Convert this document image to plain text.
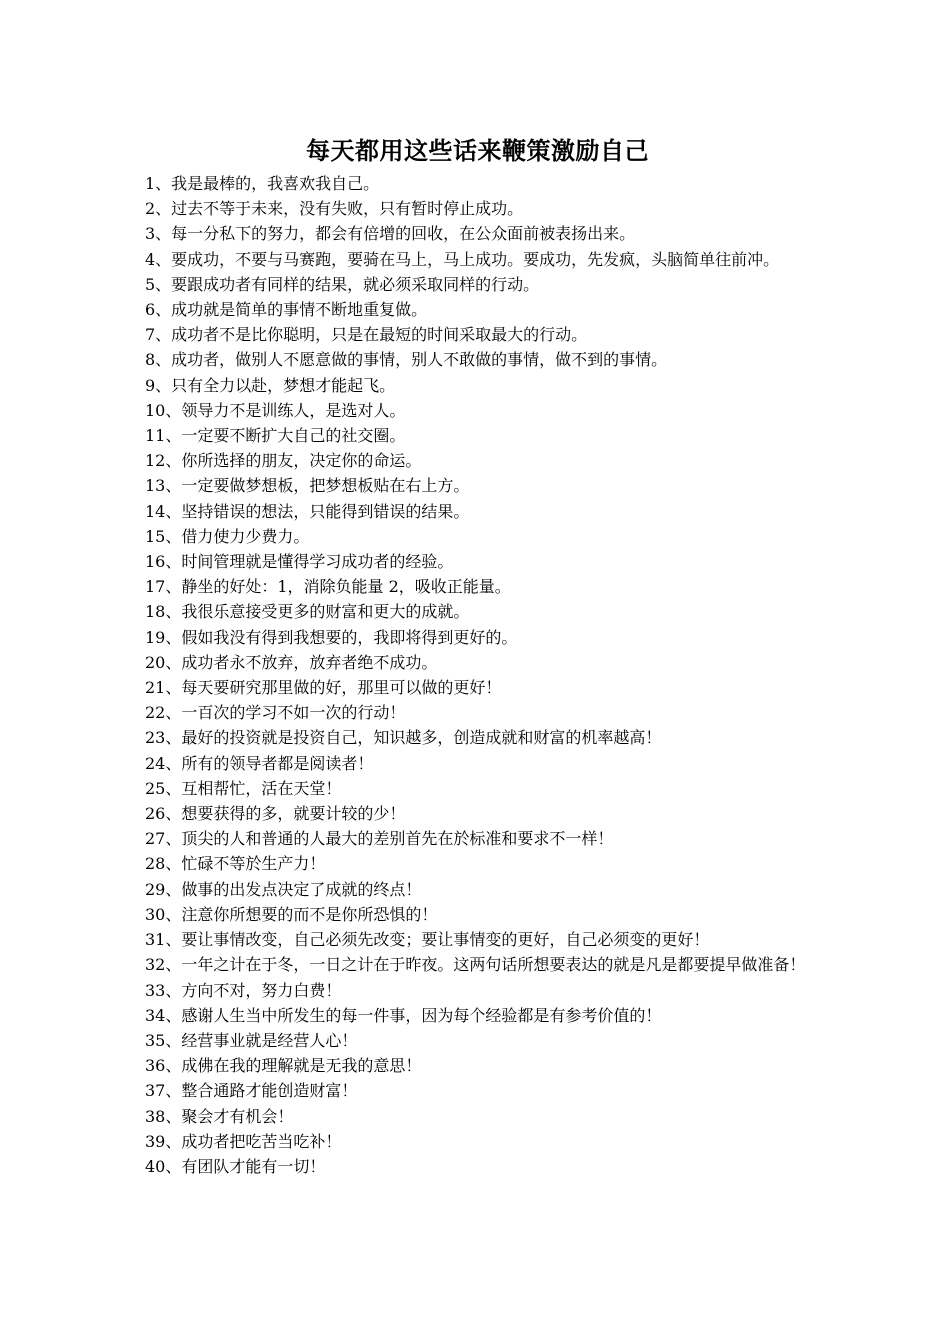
每天都用这些话来鞭策激励自己
1、我是最棒的，我喜欢我自己。
2、过去不等于未来，没有失败，只有暂时停止成功。
3、每一分私下的努力，都会有倍增的回收，在公众面前被表扬出来。
4、要成功，不要与马赛跑，要骑在马上，马上成功。要成功，先发疯，头脑简单往前冲。
5、要跟成功者有同样的结果，就必须采取同样的行动。
6、成功就是简单的事情不断地重复做。
7、成功者不是比你聪明，只是在最短的时间采取最大的行动。
8、成功者，做别人不愿意做的事情，别人不敢做的事情，做不到的事情。
9、只有全力以赴，梦想才能起飞。
10、领导力不是训练人，是选对人。
11、一定要不断扩大自己的社交圈。
12、你所选择的朋友，决定你的命运。
13、一定要做梦想板，把梦想板贴在右上方。
14、坚持错误的想法，只能得到错误的结果。
15、借力使力少费力。
16、时间管理就是懂得学习成功者的经验。
17、静坐的好处：1，消除负能量 2，吸收正能量。
18、我很乐意接受更多的财富和更大的成就。
19、假如我没有得到我想要的，我即将得到更好的。
20、成功者永不放弃，放弃者绝不成功。
21、每天要研究那里做的好，那里可以做的更好！
22、一百次的学习不如一次的行动！
23、最好的投资就是投资自己，知识越多，创造成就和财富的机率越高！
24、所有的领导者都是阅读者！
25、互相帮忙，活在天堂！
26、想要获得的多，就要计较的少！
27、顶尖的人和普通的人最大的差别首先在於标准和要求不一样！
28、忙碌不等於生产力！
29、做事的出发点决定了成就的终点！
30、注意你所想要的而不是你所恐惧的！
31、要让事情改变，自己必须先改变；要让事情变的更好，自己必须变的更好！
32、一年之计在于冬，一日之计在于昨夜。这两句话所想要表达的就是凡是都要提早做准备！
33、方向不对，努力白费！
34、感谢人生当中所发生的每一件事，因为每个经验都是有参考价值的！
35、经营事业就是经营人心！
36、成佛在我的理解就是无我的意思！
37、整合通路才能创造财富！
38、聚会才有机会！
39、成功者把吃苦当吃补！
40、有团队才能有一切！
